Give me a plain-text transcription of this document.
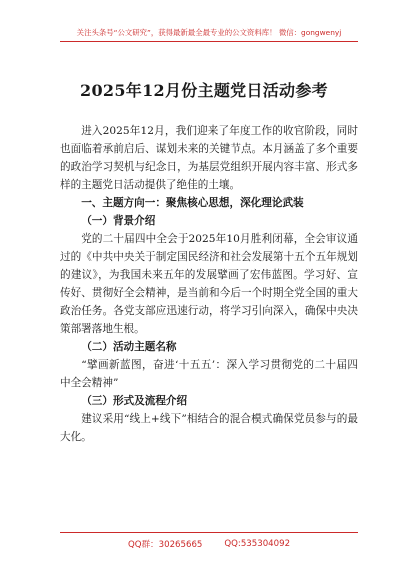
关注头条号“公文研究”，获得最新最全最专业的公文资料库！ 微信：gongwenyj
2025年12月份主题党日活动参考

进入2025年12月，我们迎来了年度工作的收官阶段，同时也面临着承前启后、谋划未来的关键节点。本月涵盖了多个重要的政治学习契机与纪念日，为基层党组织开展内容丰富、形式多样的主题党日活动提供了绝佳的土壤。

一、主题方向一：聚焦核心思想，深化理论武装

（一）背景介绍

党的二十届四中全会于2025年10月胜利闭幕，全会审议通过的《中共中央关于制定国民经济和社会发展第十五个五年规划的建议》，为我国未来五年的发展擘画了宏伟蓝图。学习好、宣传好、贯彻好全会精神，是当前和今后一个时期全党全国的重大政治任务。各党支部应迅速行动，将学习引向深入，确保中央决策部署落地生根。

（二）活动主题名称

“擘画新蓝图，奋进‘十五五’：深入学习贯彻党的二十届四中全会精神”

（三）形式及流程介绍

建议采用“线上+线下”相结合的混合模式确保党员参与的最大化。

QQ群：30265665	QQ:535304092
